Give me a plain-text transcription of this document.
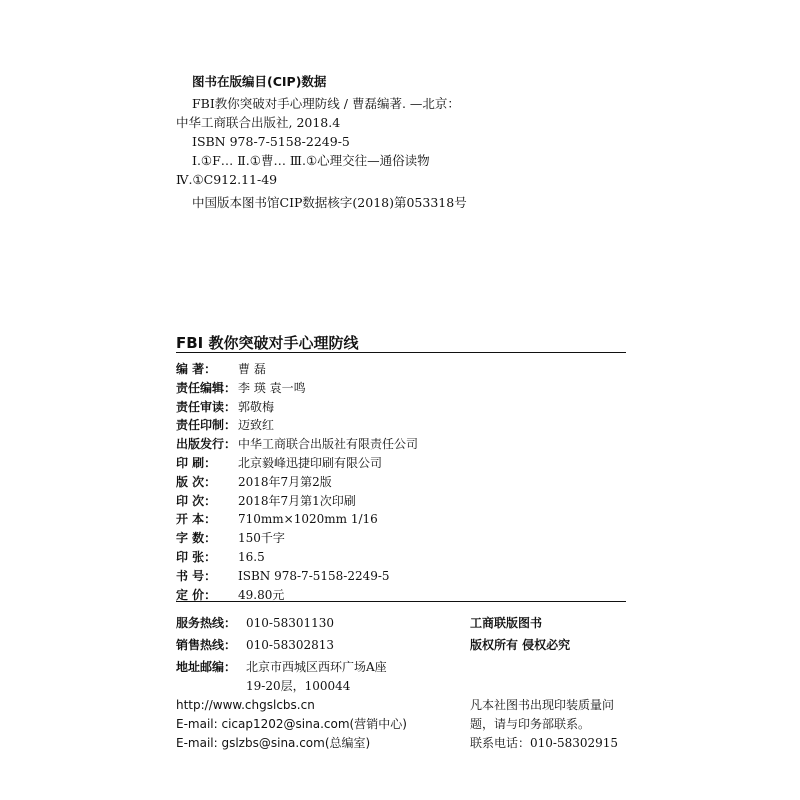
图书在版编目(CIP)数据
FBI教你突破对手心理防线 / 曹磊编著. —北京：
中华工商联合出版社, 2018.4
ISBN 978-7-5158-2249-5
Ⅰ.①F… Ⅱ.①曹… Ⅲ.①心理交往—通俗读物
Ⅳ.①C912.11-49
中国版本图书馆CIP数据核字(2018)第053318号
FBI 教你突破对手心理防线
编 著： 曹 磊
责任编辑： 李 瑛 袁一鸣
责任审读： 郭敬梅
责任印制： 迈致红
出版发行： 中华工商联合出版社有限责任公司
印 刷： 北京毅峰迅捷印刷有限公司
版 次： 2018年7月第2版
印 次： 2018年7月第1次印刷
开 本： 710mm×1020mm 1/16
字 数： 150千字
印 张： 16.5
书 号： ISBN 978-7-5158-2249-5
定 价： 49.80元
服务热线： 010-58301130
销售热线： 010-58302813
地址邮编： 北京市西城区西环广场A座
19-20层，100044
http://www.chgslcbs.cn
E-mail: cicap1202@sina.com(营销中心)
E-mail: gslzbs@sina.com(总编室)
工商联版图书
版权所有 侵权必究
凡本社图书出现印装质量问
题，请与印务部联系。
联系电话：010-58302915
